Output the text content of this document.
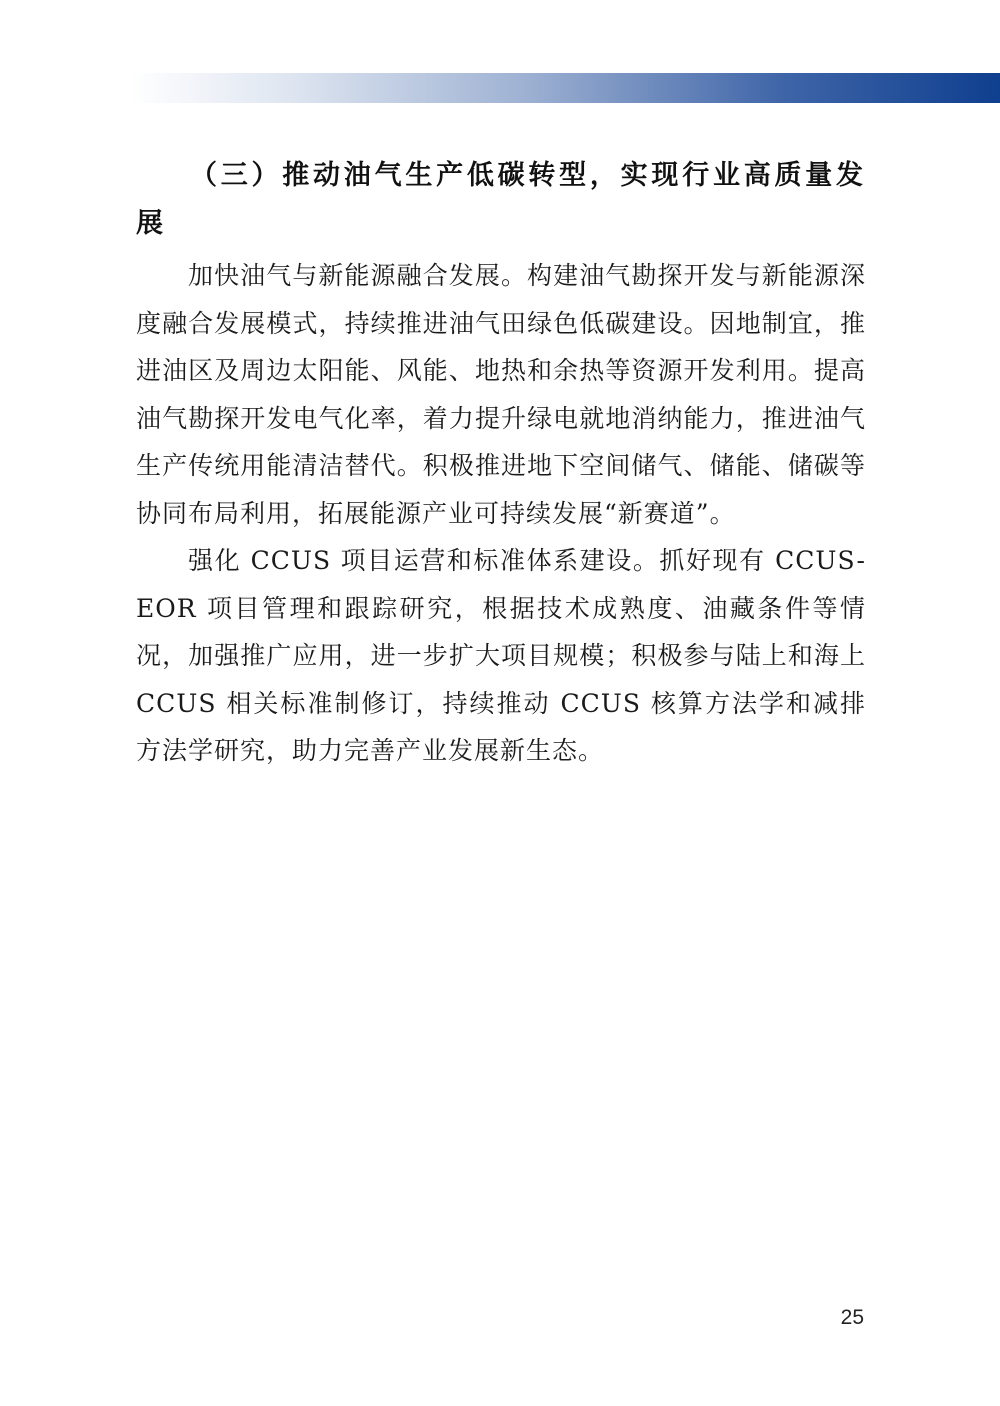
（三）推动油气生产低碳转型，实现行业高质量发展

加快油气与新能源融合发展。构建油气勘探开发与新能源深度融合发展模式，持续推进油气田绿色低碳建设。因地制宜，推进油区及周边太阳能、风能、地热和余热等资源开发利用。提高油气勘探开发电气化率，着力提升绿电就地消纳能力，推进油气生产传统用能清洁替代。积极推进地下空间储气、储能、储碳等协同布局利用，拓展能源产业可持续发展“新赛道”。

强化 CCUS 项目运营和标准体系建设。抓好现有 CCUS-EOR 项目管理和跟踪研究，根据技术成熟度、油藏条件等情况，加强推广应用，进一步扩大项目规模；积极参与陆上和海上 CCUS 相关标准制修订，持续推动 CCUS 核算方法学和减排方法学研究，助力完善产业发展新生态。

25
